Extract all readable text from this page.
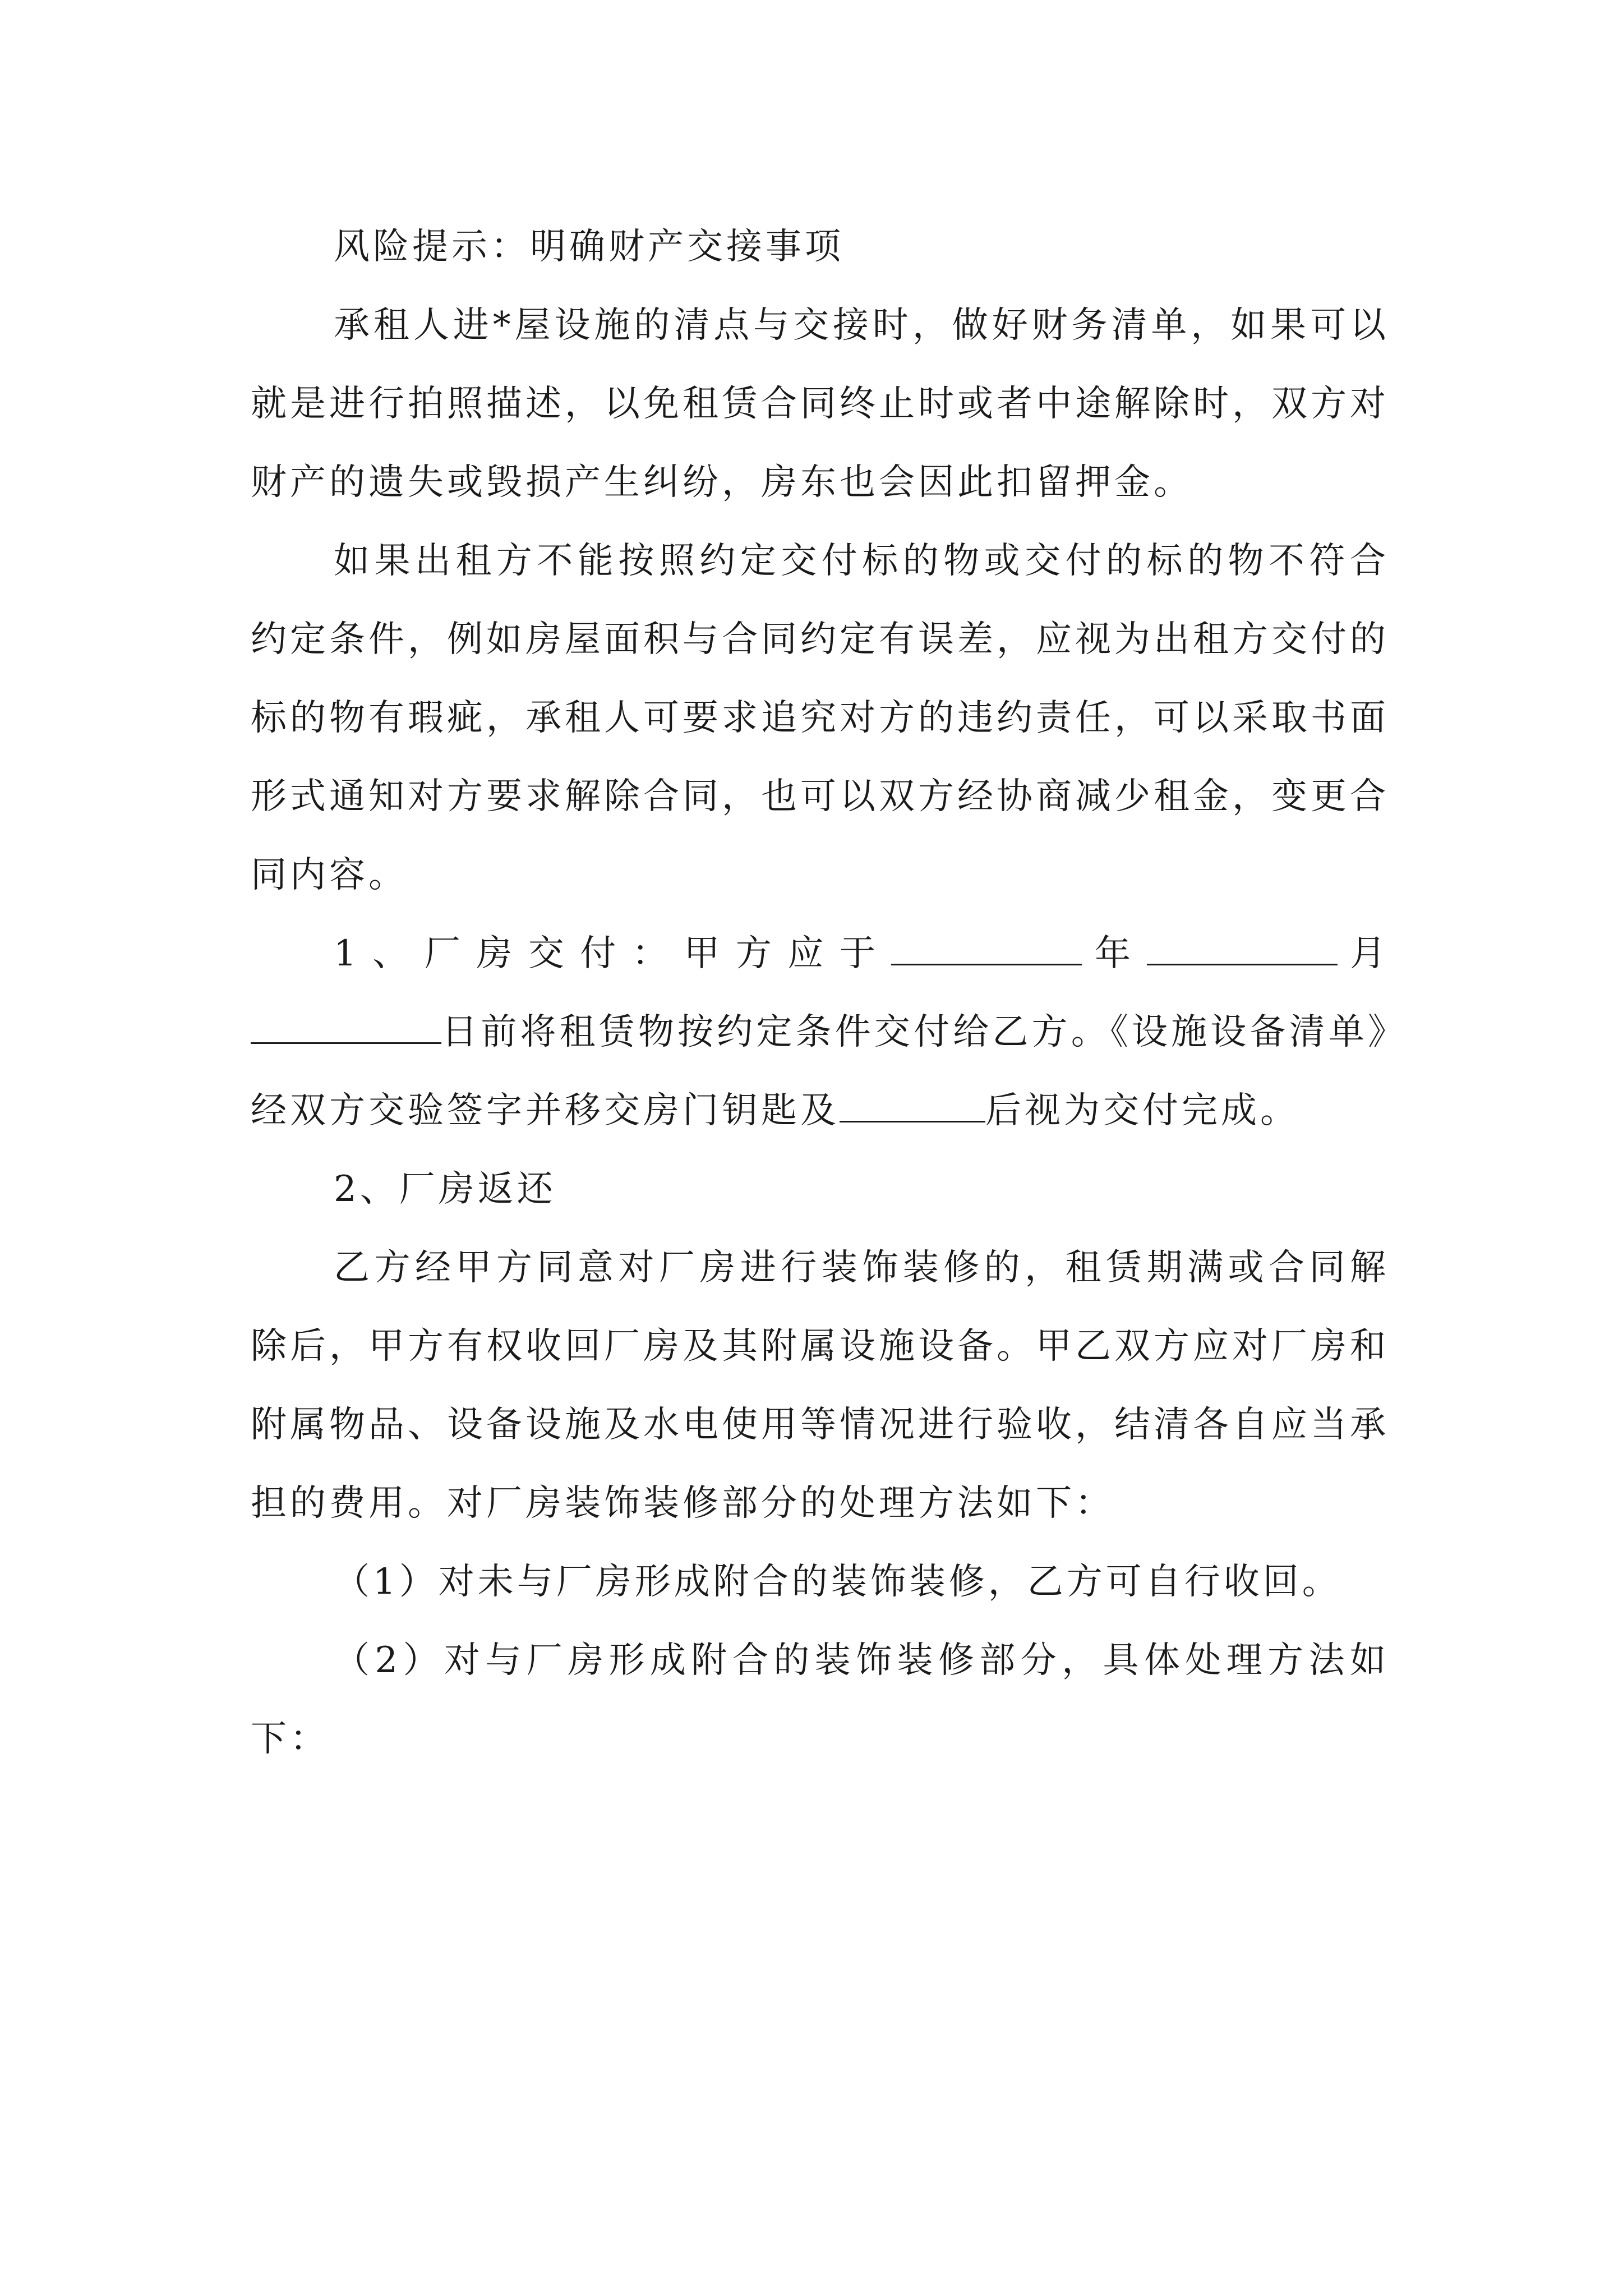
风险提示：明确财产交接事项

承租人进*屋设施的清点与交接时，做好财务清单，如果可以就是进行拍照描述，以免租赁合同终止时或者中途解除时，双方对财产的遗失或毁损产生纠纷，房东也会因此扣留押金。

如果出租方不能按照约定交付标的物或交付的标的物不符合约定条件，例如房屋面积与合同约定有误差，应视为出租方交付的标的物有瑕疵，承租人可要求追究对方的违约责任，可以采取书面形式通知对方要求解除合同，也可以双方经协商减少租金，变更合同内容。

1、厂房交付：甲方应于	年	月日前将租赁物按约定条件交付给乙方。《设施设备清单》经双方交验签字并移交房门钥匙及	后视为交付完成。

2、厂房返还

乙方经甲方同意对厂房进行装饰装修的，租赁期满或合同解除后，甲方有权收回厂房及其附属设施设备。甲乙双方应对厂房和附属物品、设备设施及水电使用等情况进行验收，结清各自应当承担的费用。对厂房装饰装修部分的处理方法如下：

（1）对未与厂房形成附合的装饰装修，乙方可自行收回。

（2）对与厂房形成附合的装饰装修部分，具体处理方法如下：
